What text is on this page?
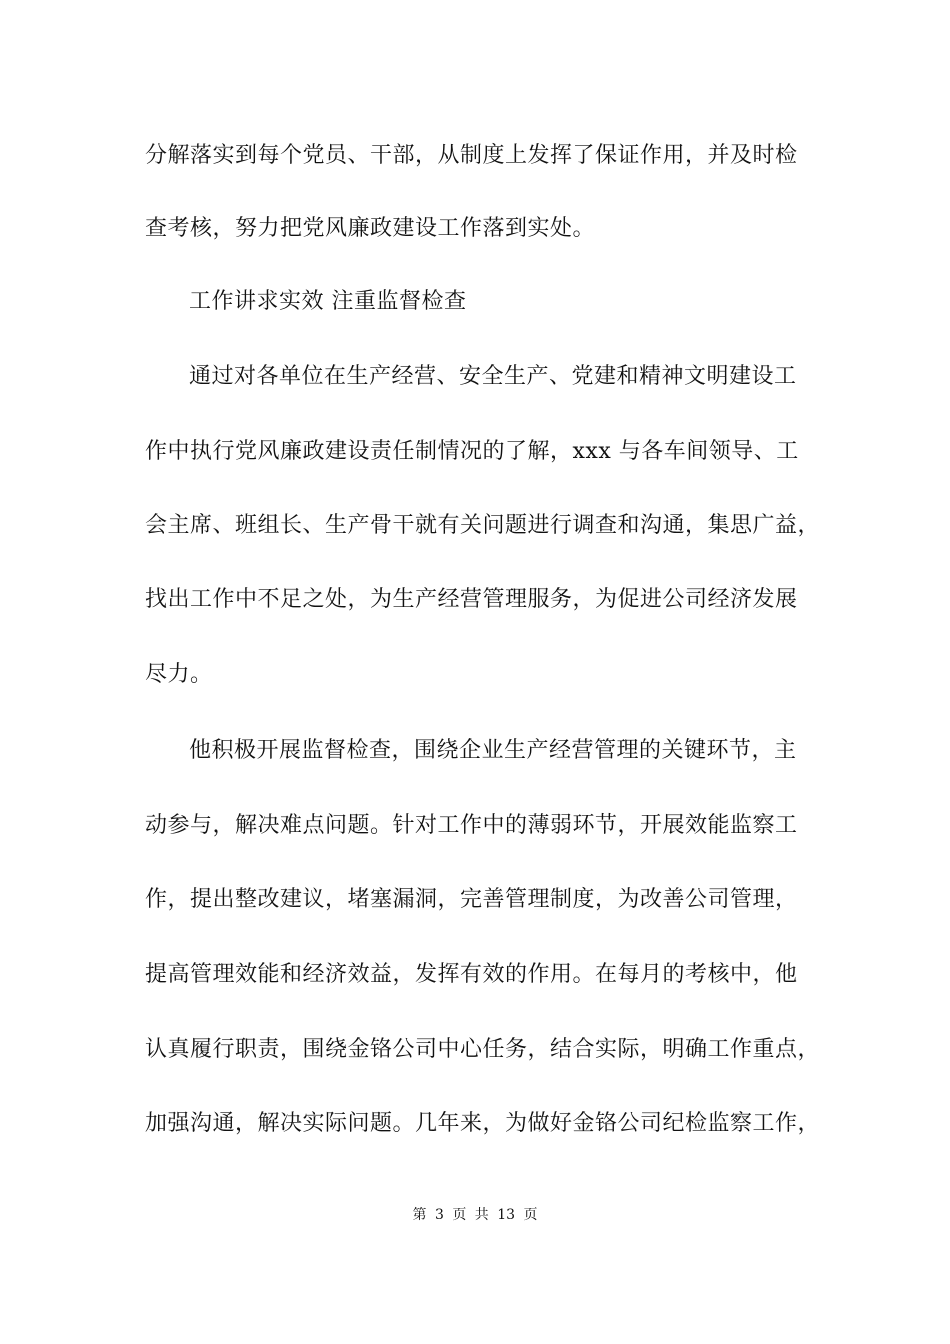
分解落实到每个党员、干部，从制度上发挥了保证作用，并及时检
查考核，努力把党风廉政建设工作落到实处。
工作讲求实效 注重监督检查
通过对各单位在生产经营、安全生产、党建和精神文明建设工
作中执行党风廉政建设责任制情况的了解，xxx 与各车间领导、工
会主席、班组长、生产骨干就有关问题进行调查和沟通，集思广益，
找出工作中不足之处，为生产经营管理服务，为促进公司经济发展
尽力。
他积极开展监督检查，围绕企业生产经营管理的关键环节，主
动参与，解决难点问题。针对工作中的薄弱环节，开展效能监察工
作，提出整改建议，堵塞漏洞，完善管理制度，为改善公司管理，
提高管理效能和经济效益，发挥有效的作用。在每月的考核中，他
认真履行职责，围绕金铬公司中心任务，结合实际，明确工作重点，
加强沟通，解决实际问题。几年来，为做好金铬公司纪检监察工作，
第 3 页 共 13 页
